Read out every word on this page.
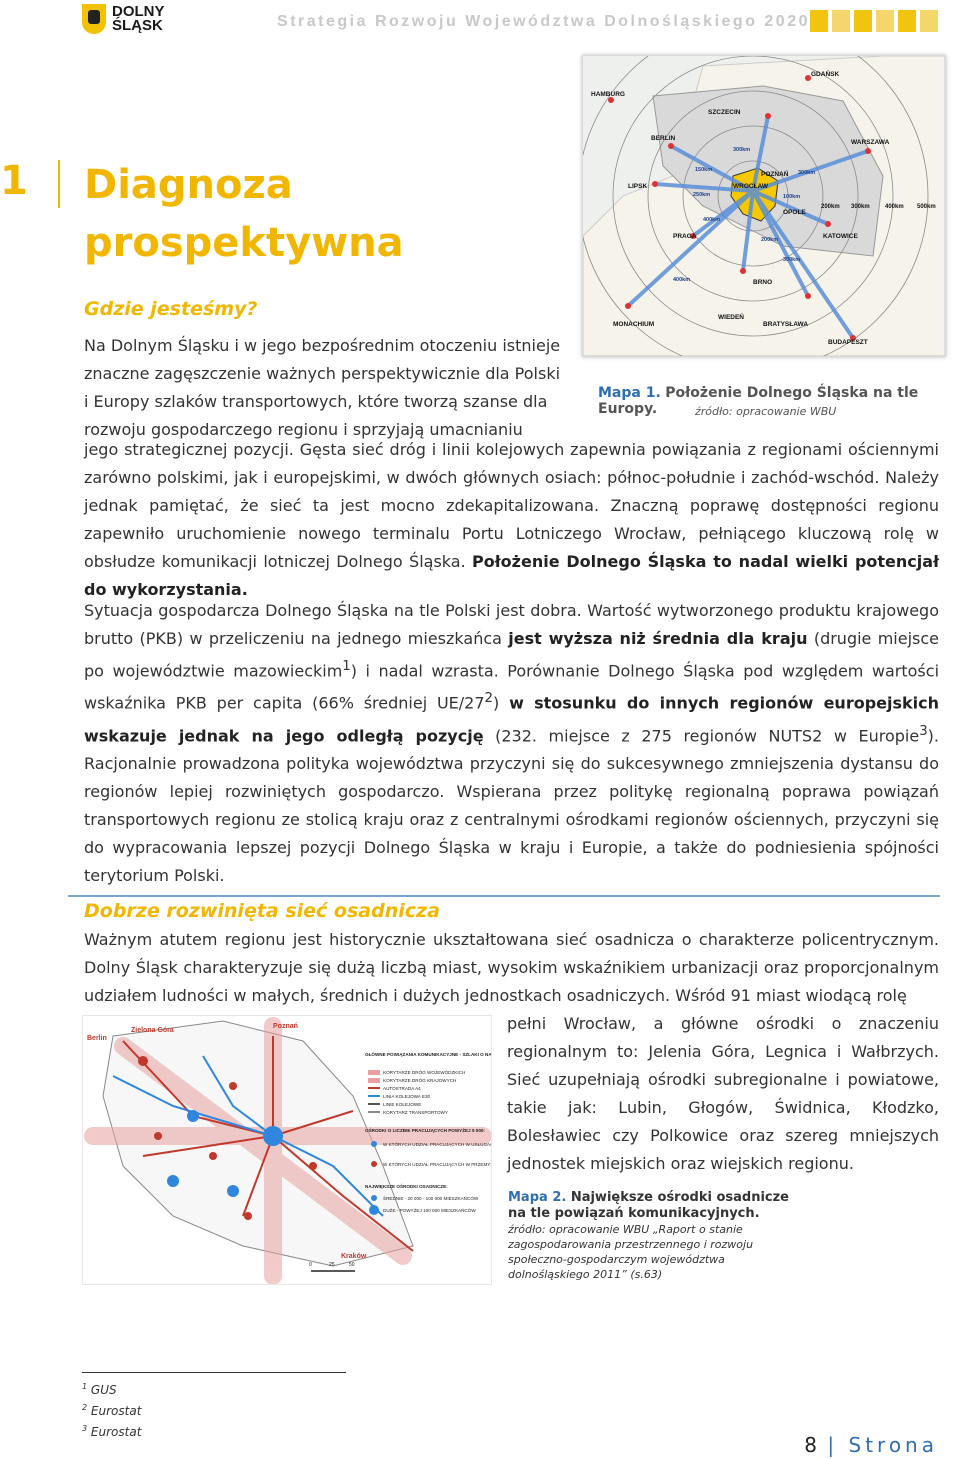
DOLNY
ŚLĄSK	Strategia Rozwoju Województwa Dolnośląskiego 2020
GDAŃSK
HAMBURG
SZCZECIN
BERLIN
WARSZAWA
LIPSK
POZNAŃ
WROCŁAW
PRAGA
OPOLE
KATOWICE
BRNO
WIEDEŃ
BRATYSŁAWA
BUDAPESZT
MONACHIUM
200km 300km	400km 500km
300km
150km
250km	100km
300km
400km
200km
300km
400km
Mapa 1. Położenie Dolnego Śląska na tle Europy.	źródło: opracowanie WBU
1 Diagnoza prospektywna
Gdzie jesteśmy?
Na Dolnym Śląsku i w jego bezpośrednim otoczeniu istnieje
znaczne zagęszczenie ważnych perspektywicznie dla Polski
i Europy szlaków transportowych, które tworzą szanse dla
rozwoju gospodarczego regionu i sprzyjają umacnianiu
jego strategicznej pozycji. Gęsta sieć dróg i linii kolejowych zapewnia powiązania z regionami ościennymi zarówno polskimi, jak i europejskimi, w dwóch głównych osiach: północ-południe i zachód-wschód. Należy jednak pamiętać, że sieć ta jest mocno zdekapitalizowana. Znaczną poprawę dostępności regionu zapewniło uruchomienie nowego terminalu Portu Lotniczego Wrocław, pełniącego kluczową rolę w obsłudze komunikacji lotniczej Dolnego Śląska. Położenie Dolnego Śląska to nadal wielki potencjał do wykorzystania.
Sytuacja gospodarcza Dolnego Śląska na tle Polski jest dobra. Wartość wytworzonego produktu krajowego brutto (PKB) w przeliczeniu na jednego mieszkańca jest wyższa niż średnia dla kraju (drugie miejsce po województwie mazowieckim$^1$) i nadal wzrasta. Porównanie Dolnego Śląska pod względem wartości wskaźnika PKB per capita (66% średniej $UE/27^2$) w stosunku do innych regionów europejskich wskazuje jednak na jego odległą pozycję (232. miejsce z 275 regionów NUTS2 w Europie$^3$). Racjonalnie prowadzona polityka województwa przyczyni się do sukcesywnego zmniejszenia dystansu do regionów lepiej rozwiniętych gospodarczo. Wspierana przez politykę regionalną poprawa powiązań transportowych regionu ze stolicą kraju oraz z centralnymi ośrodkami regionów ościennych, przyczyni się do wypracowania lepszej pozycji Dolnego Śląska w kraju i Europie, a także do podniesienia spójności terytorium Polski.
Dobrze rozwinięta sieć osadnicza
Ważnym atutem regionu jest historycznie ukształtowana sieć osadnicza o charakterze policentrycznym. Dolny Śląsk charakteryzuje się dużą liczbą miast, wysokim wskaźnikiem urbanizacji oraz proporcjonalnym udziałem ludności w małych, średnich i dużych jednostkach osadniczych. Wśród 91 miast wiodącą rolę
pełni Wrocław, a główne ośrodki o znaczeniu regionalnym to: Jelenia Góra, Legnica i Wałbrzych. Sieć uzupełniają ośrodki subregionalne i powiatowe, takie jak: Lubin, Głogów, Świdnica, Kłodzko, Bolesławiec czy Polkowice oraz szereg mniejszych jednostek miejskich oraz wiejskich regionu.
Zielona Góra
Berlin
Poznań
Kraków
GŁÓWNE POWIĄZANIA KOMUNIKACYJNE - SZLAKI O NA
KORYTARZE DRÓG WOJEWÓDZKICH
KORYTARZE DRÓG KRAJOWYCH
AUTOSTRADA A4
LINIA KOLEJOWA E30
LINIE KOLEJOWE
KORYTARZ TRANSPORTOWY
OŚRODKI O LICZBIE PRACUJĄCYCH POWYŻEJ 5 000:
W KTÓRYCH UDZIAŁ PRACUJĄCYCH W USŁUGA
W KTÓRYCH UDZIAŁ PRACUJĄCYCH W PRZEMY
NAJWIĘKSZE OŚRODKI OSADNICZE:
ŚREDNIE - 20 000 - 100 000 MIESZKAŃCÓW
DUŻE - POWYŻEJ 100 000 MIESZKAŃCÓW
0	25	50
Mapa 2. Największe ośrodki osadnicze na tle powiązań komunikacyjnych.
źródło: opracowanie WBU „Raport o stanie zagospodarowania przestrzennego i rozwoju społeczno-gospodarczym województwa dolnośląskiego 2011” (s.63)
$^1$ GUS
$^2$ Eurostat
$^3$ Eurostat
8 | Strona
